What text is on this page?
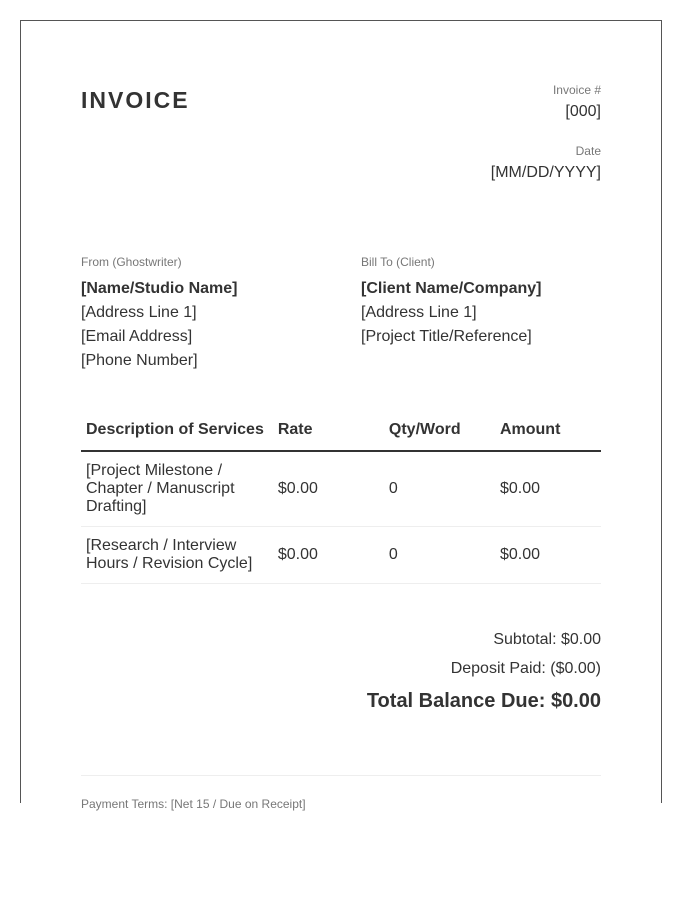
INVOICE	Invoice #
[000]
Date
[MM/DD/YYYY]
From (Ghostwriter)
[Name/Studio Name]
[Address Line 1]
[Email Address]
[Phone Number]
Bill To (Client)
[Client Name/Company]
[Address Line 1]
[Project Title/Reference]
Description of Services	Rate	Qty/Word	Amount
[Project Milestone / Chapter / Manuscript Drafting]	$0.00	0	$0.00
[Research / Interview Hours / Revision Cycle]	$0.00	0	$0.00
Subtotal: $0.00
Deposit Paid: ($0.00)
Total Balance Due: $0.00
Payment Terms: [Net 15 / Due on Receipt]
